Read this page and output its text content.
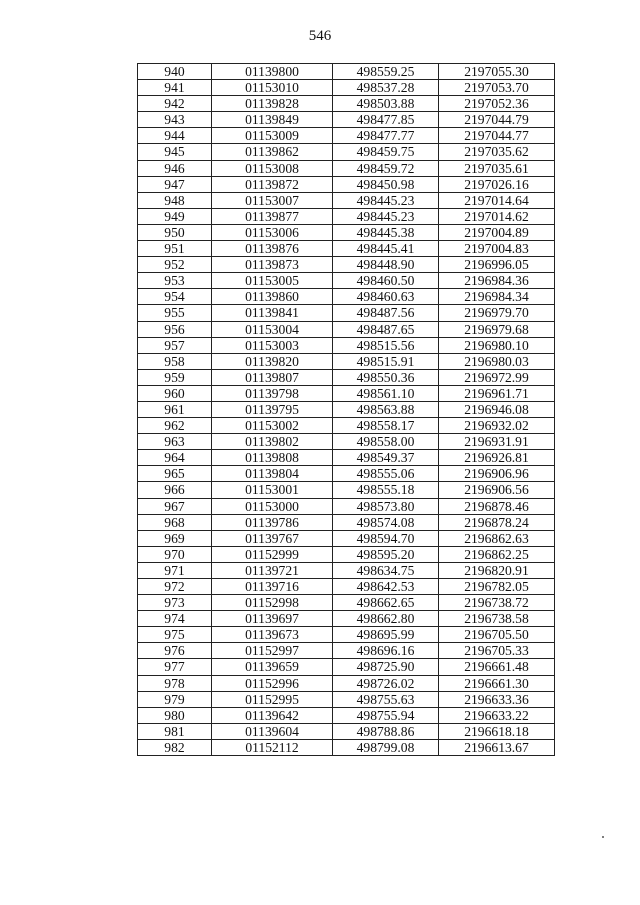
546
940	01139800	498559.25	2197055.30
941	01153010	498537.28	2197053.70
942	01139828	498503.88	2197052.36
943	01139849	498477.85	2197044.79
944	01153009	498477.77	2197044.77
945	01139862	498459.75	2197035.62
946	01153008	498459.72	2197035.61
947	01139872	498450.98	2197026.16
948	01153007	498445.23	2197014.64
949	01139877	498445.23	2197014.62
950	01153006	498445.38	2197004.89
951	01139876	498445.41	2197004.83
952	01139873	498448.90	2196996.05
953	01153005	498460.50	2196984.36
954	01139860	498460.63	2196984.34
955	01139841	498487.56	2196979.70
956	01153004	498487.65	2196979.68
957	01153003	498515.56	2196980.10
958	01139820	498515.91	2196980.03
959	01139807	498550.36	2196972.99
960	01139798	498561.10	2196961.71
961	01139795	498563.88	2196946.08
962	01153002	498558.17	2196932.02
963	01139802	498558.00	2196931.91
964	01139808	498549.37	2196926.81
965	01139804	498555.06	2196906.96
966	01153001	498555.18	2196906.56
967	01153000	498573.80	2196878.46
968	01139786	498574.08	2196878.24
969	01139767	498594.70	2196862.63
970	01152999	498595.20	2196862.25
971	01139721	498634.75	2196820.91
972	01139716	498642.53	2196782.05
973	01152998	498662.65	2196738.72
974	01139697	498662.80	2196738.58
975	01139673	498695.99	2196705.50
976	01152997	498696.16	2196705.33
977	01139659	498725.90	2196661.48
978	01152996	498726.02	2196661.30
979	01152995	498755.63	2196633.36
980	01139642	498755.94	2196633.22
981	01139604	498788.86	2196618.18
982	01152112	498799.08	2196613.67
